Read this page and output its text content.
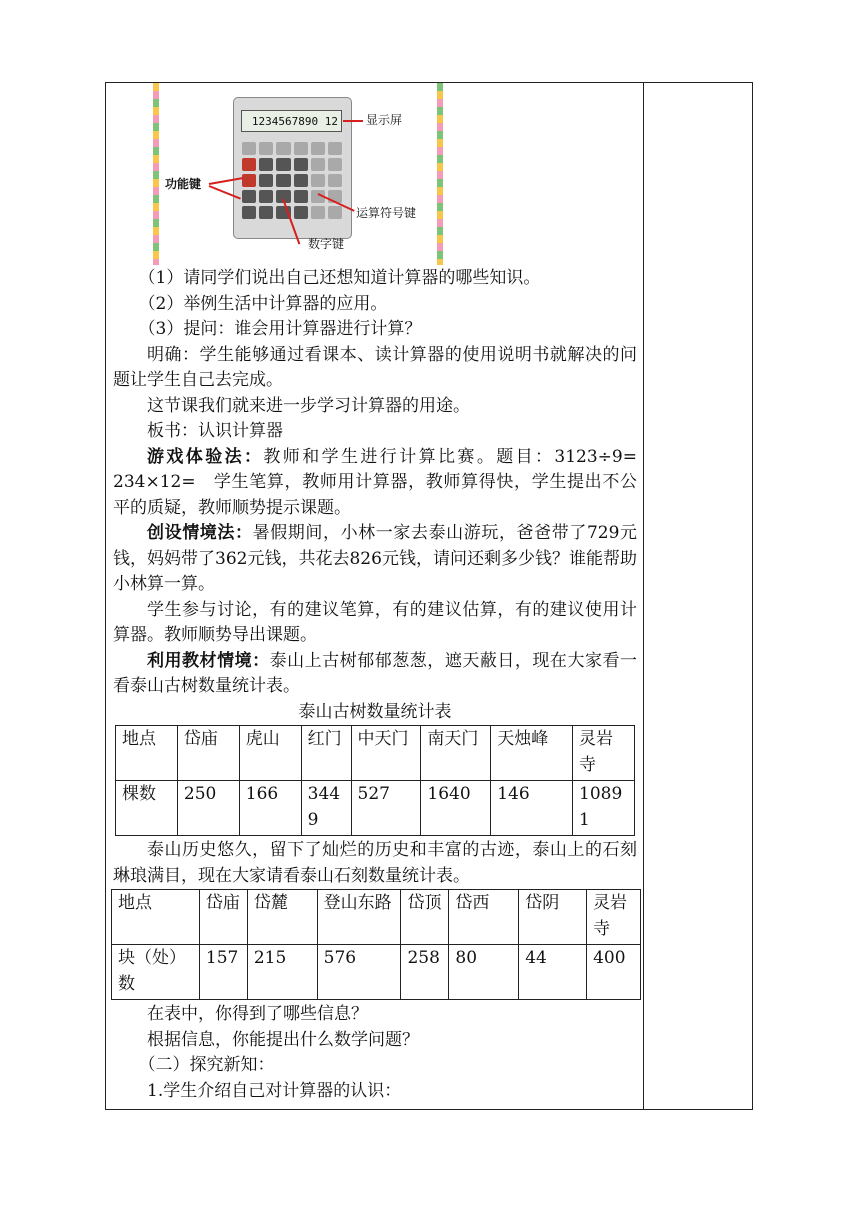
1234567890 12	显示屏
功能键
运算符号键
数字键

（1）请同学们说出自己还想知道计算器的哪些知识。

（2）举例生活中计算器的应用。

（3）提问：谁会用计算器进行计算？

明确：学生能够通过看课本、读计算器的使用说明书就解决的问题让学生自己去完成。

这节课我们就来进一步学习计算器的用途。

板书：认识计算器

游戏体验法：教师和学生进行计算比赛。题目：3123÷9=　　234×12=　学生笔算，教师用计算器，教师算得快，学生提出不公平的质疑，教师顺势提示课题。

创设情境法：暑假期间，小林一家去泰山游玩，爸爸带了729元钱，妈妈带了362元钱，共花去826元钱，请问还剩多少钱？谁能帮助小林算一算。

学生参与讨论，有的建议笔算，有的建议估算，有的建议使用计算器。教师顺势导出课题。

利用教材情境：泰山上古树郁郁葱葱，遮天蔽日，现在大家看一看泰山古树数量统计表。

泰山古树数量统计表

地点	岱庙	虎山	红门	中天门	南天门	天烛峰	灵岩寺
棵数	250	166	3449	527	1640	146	10891

泰山历史悠久，留下了灿烂的历史和丰富的古迹，泰山上的石刻琳琅满目，现在大家请看泰山石刻数量统计表。

地点	岱庙	岱麓	登山东路	岱顶	岱西	岱阴	灵岩寺
块（处）数	157	215	576	258	80	44	400

在表中，你得到了哪些信息？

根据信息，你能提出什么数学问题？

（二）探究新知：

1.学生介绍自己对计算器的认识：
